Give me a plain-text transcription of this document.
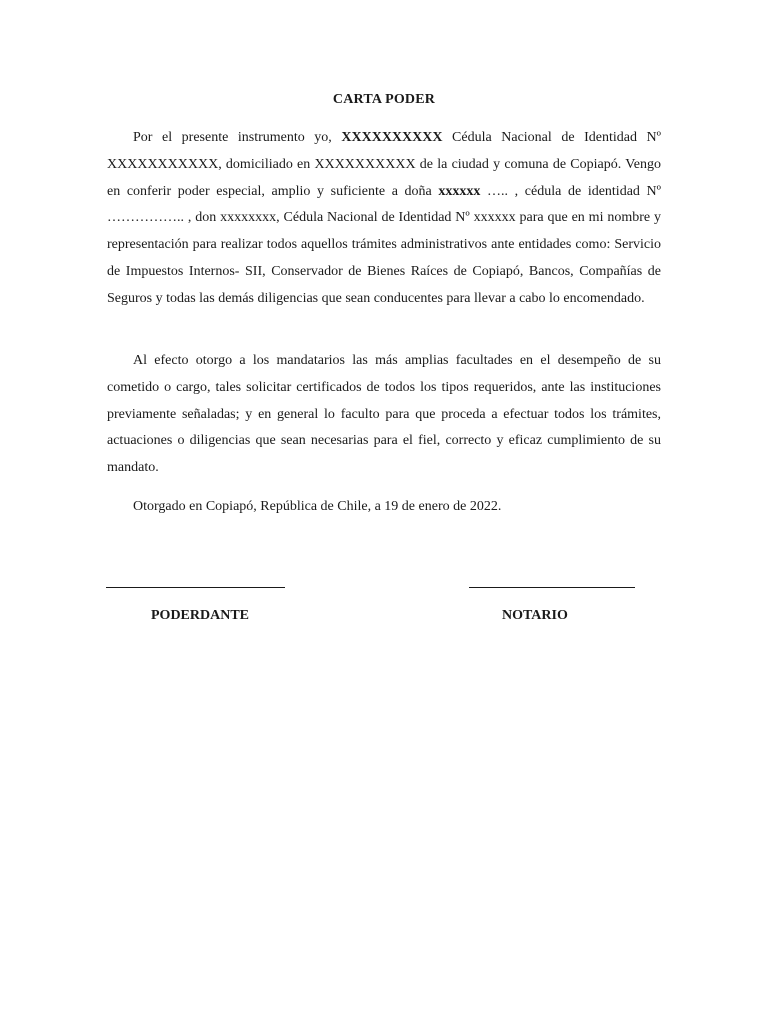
CARTA PODER

Por el presente instrumento yo, XXXXXXXXXX Cédula Nacional de Identidad Nº XXXXXXXXXXX, domiciliado en XXXXXXXXXX de la ciudad y comuna de Copiapó. Vengo en conferir poder especial, amplio y suficiente a doña xxxxxx ….. , cédula de identidad Nº …………….. , don xxxxxxxx, Cédula Nacional de Identidad Nº xxxxxx para que en mi nombre y representación para realizar todos aquellos trámites administrativos ante entidades como: Servicio de Impuestos Internos- SII, Conservador de Bienes Raíces de Copiapó, Bancos, Compañías de Seguros y todas las demás diligencias que sean conducentes para llevar a cabo lo encomendado.

Al efecto otorgo a los mandatarios las más amplias facultades en el desempeño de su cometido o cargo, tales solicitar certificados de todos los tipos requeridos, ante las instituciones previamente señaladas; y en general lo faculto para que proceda a efectuar todos los trámites, actuaciones o diligencias que sean necesarias para el fiel, correcto y eficaz cumplimiento de su mandato.

Otorgado en Copiapó, República de Chile, a 19 de enero de 2022.

PODERDANTE	NOTARIO
